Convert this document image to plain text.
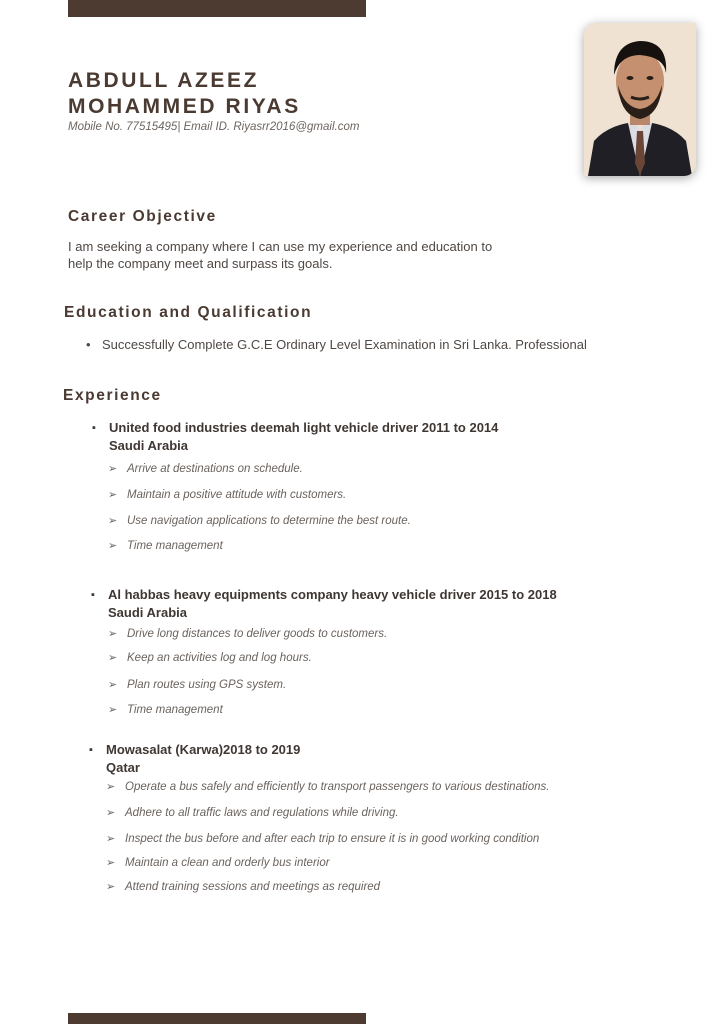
ABDULL AZEEZ
MOHAMMED RIYAS
Mobile No. 77515495| Email ID. Riyasrr2016@gmail.com
Career Objective
I am seeking a company where I can use my experience and education to
help the company meet and surpass its goals.
Education and Qualification
• Successfully Complete G.C.E Ordinary Level Examination in Sri Lanka. Professional
Experience
▪ United food industries deemah light vehicle driver 2011 to 2014
Saudi Arabia
➢ Arrive at destinations on schedule.
➢ Maintain a positive attitude with customers.
➢ Use navigation applications to determine the best route.
➢ Time management
▪ Al habbas heavy equipments company heavy vehicle driver 2015 to 2018
Saudi Arabia
➢ Drive long distances to deliver goods to customers.
➢ Keep an activities log and log hours.
➢ Plan routes using GPS system.
➢ Time management
▪ Mowasalat (Karwa)2018 to 2019
Qatar
➢ Operate a bus safely and efficiently to transport passengers to various destinations.
➢ Adhere to all traffic laws and regulations while driving.
➢ Inspect the bus before and after each trip to ensure it is in good working condition
➢ Maintain a clean and orderly bus interior
➢ Attend training sessions and meetings as required
